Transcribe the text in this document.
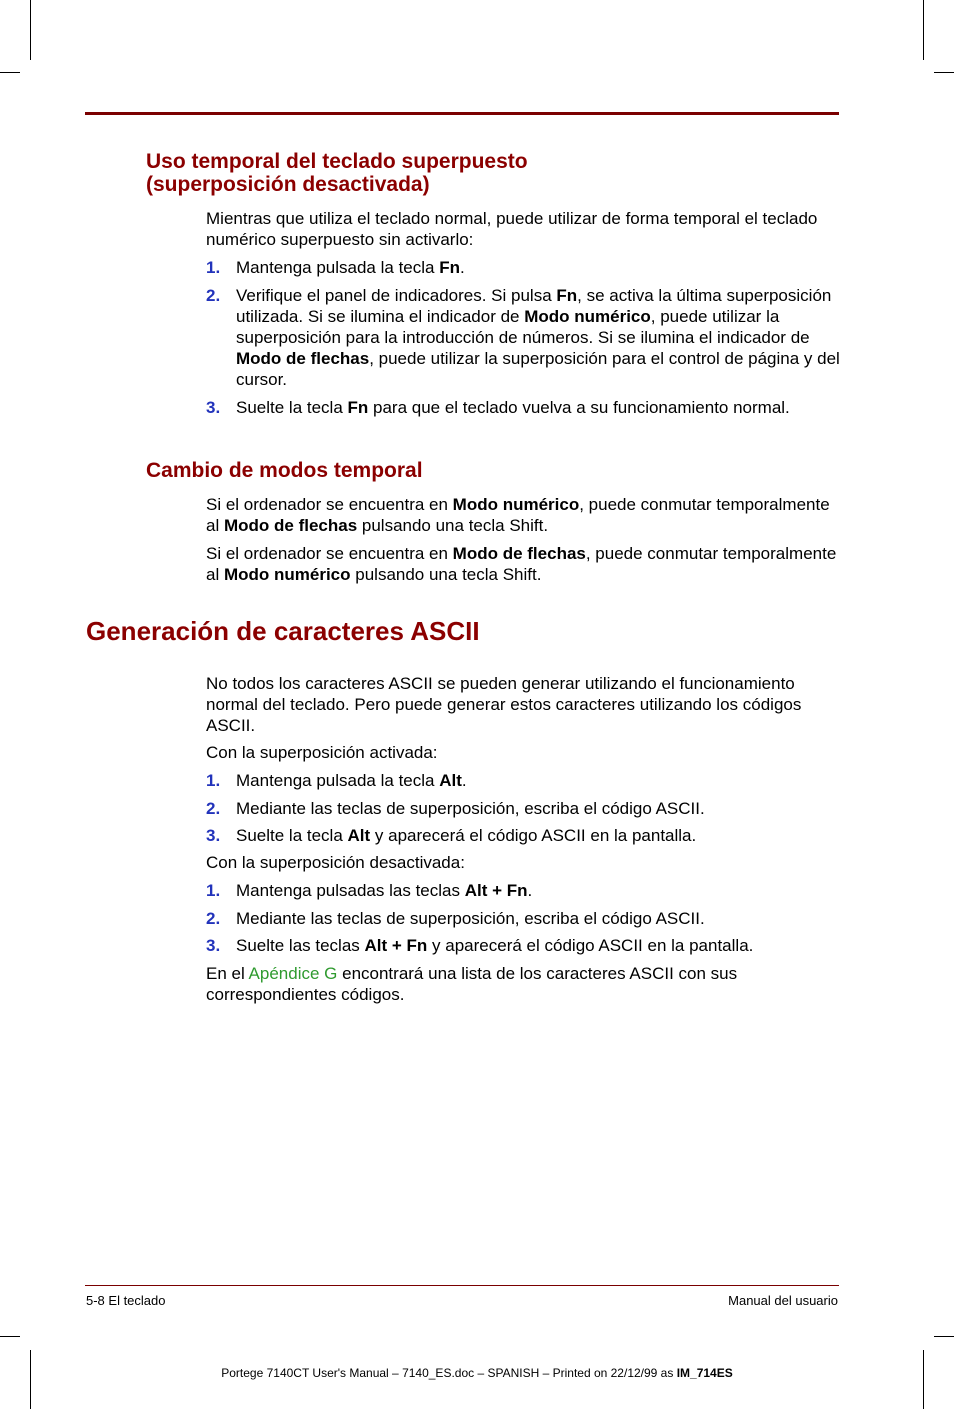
Uso temporal del teclado superpuesto
(superposición desactivada)

Mientras que utiliza el teclado normal, puede utilizar de forma temporal el teclado numérico superpuesto sin activarlo:

1. Mantenga pulsada la tecla Fn.

2. Verifique el panel de indicadores. Si pulsa Fn, se activa la última superposición utilizada. Si se ilumina el indicador de Modo numérico, puede utilizar la superposición para la introducción de números. Si se ilumina el indicador de Modo de flechas, puede utilizar la superposición para el control de página y del cursor.

3. Suelte la tecla Fn para que el teclado vuelva a su funcionamiento normal.

Cambio de modos temporal

Si el ordenador se encuentra en Modo numérico, puede conmutar temporalmente al Modo de flechas pulsando una tecla Shift.

Si el ordenador se encuentra en Modo de flechas, puede conmutar temporalmente al Modo numérico pulsando una tecla Shift.

Generación de caracteres ASCII

No todos los caracteres ASCII se pueden generar utilizando el funcionamiento normal del teclado. Pero puede generar estos caracteres utilizando los códigos ASCII.

Con la superposición activada:

1. Mantenga pulsada la tecla Alt.

2. Mediante las teclas de superposición, escriba el código ASCII.

3. Suelte la tecla Alt y aparecerá el código ASCII en la pantalla.

Con la superposición desactivada:

1. Mantenga pulsadas las teclas Alt + Fn.

2. Mediante las teclas de superposición, escriba el código ASCII.

3. Suelte las teclas Alt + Fn y aparecerá el código ASCII en la pantalla.

En el Apéndice G encontrará una lista de los caracteres ASCII con sus correspondientes códigos.

5-8 El teclado	Manual del usuario
Portege 7140CT User's Manual – 7140_ES.doc – SPANISH – Printed on 22/12/99 as IM_714ES
